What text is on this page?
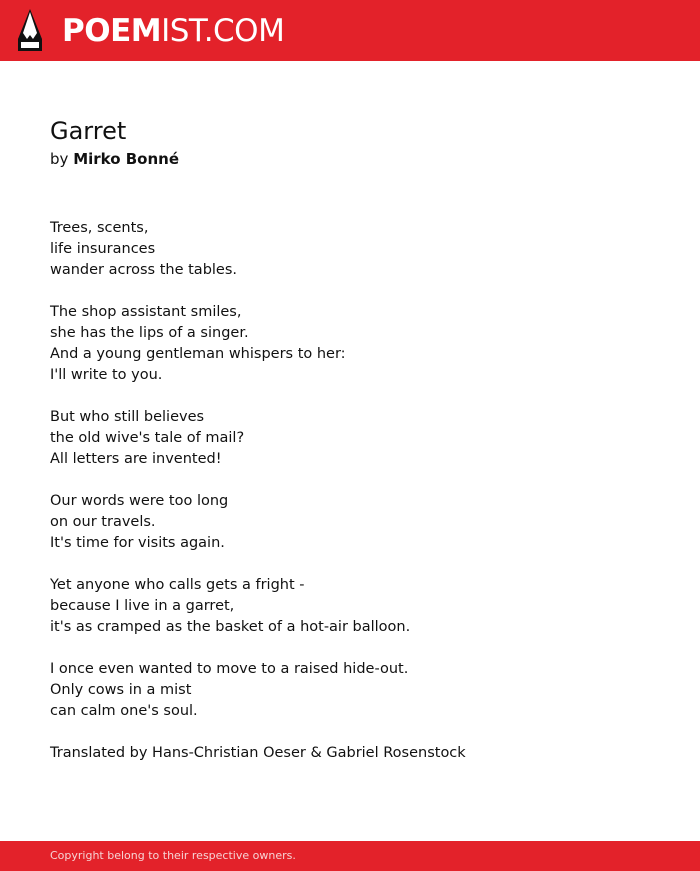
POEMIST.COM
Garret
by Mirko Bonné
Trees, scents,
life insurances
wander across the tables.
The shop assistant smiles,
she has the lips of a singer.
And a young gentleman whispers to her:
I'll write to you.
But who still believes
the old wive's tale of mail?
All letters are invented!
Our words were too long
on our travels.
It's time for visits again.
Yet anyone who calls gets a fright -
because I live in a garret,
it's as cramped as the basket of a hot-air balloon.
I once even wanted to move to a raised hide-out.
Only cows in a mist
can calm one's soul.
Translated by Hans-Christian Oeser & Gabriel Rosenstock
Copyright belong to their respective owners.
